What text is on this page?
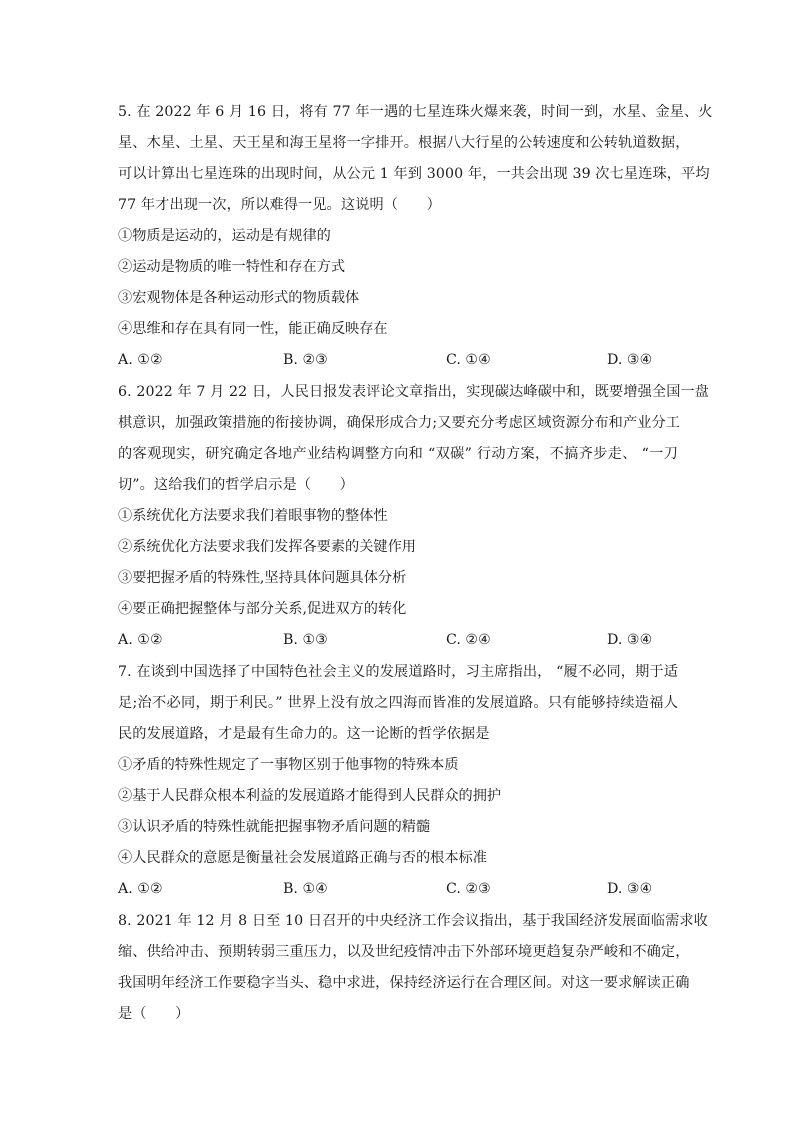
5. 在 2022 年 6 月 16 日，将有 77 年一遇的七星连珠火爆来袭，时间一到，水星、金星、火
星、木星、土星、天王星和海王星将一字排开。根据八大行星的公转速度和公转轨道数据，
可以计算出七星连珠的出现时间，从公元 1 年到 3000 年，一共会出现 39 次七星连珠，平均
77 年才出现一次，所以难得一见。这说明（　　）
①物质是运动的，运动是有规律的
②运动是物质的唯一特性和存在方式
③宏观物体是各种运动形式的物质载体
④思维和存在具有同一性，能正确反映存在
A. ①②	B. ②③	C. ①④	D. ③④
6. 2022 年 7 月 22 日，人民日报发表评论文章指出，实现碳达峰碳中和，既要增强全国一盘
棋意识，加强政策措施的衔接协调，确保形成合力;又要充分考虑区域资源分布和产业分工
的客观现实，研究确定各地产业结构调整方向和 “双碳” 行动方案，不搞齐步走、 “一刀
切”。这给我们的哲学启示是（　　）
①系统优化方法要求我们着眼事物的整体性
②系统优化方法要求我们发挥各要素的关键作用
③要把握矛盾的特殊性,坚持具体问题具体分析
④要正确把握整体与部分关系,促进双方的转化
A. ①②	B. ①③	C. ②④	D. ③④
7. 在谈到中国选择了中国特色社会主义的发展道路时，习主席指出， “履不必同，期于适
足;治不必同，期于利民。” 世界上没有放之四海而皆准的发展道路。只有能够持续造福人
民的发展道路，才是最有生命力的。这一论断的哲学依据是
①矛盾的特殊性规定了一事物区别于他事物的特殊本质
②基于人民群众根本利益的发展道路才能得到人民群众的拥护
③认识矛盾的特殊性就能把握事物矛盾问题的精髓
④人民群众的意愿是衡量社会发展道路正确与否的根本标准
A. ①②	B. ①④	C. ②③	D. ③④
8. 2021 年 12 月 8 日至 10 日召开的中央经济工作会议指出，基于我国经济发展面临需求收
缩、供给冲击、预期转弱三重压力，以及世纪疫情冲击下外部环境更趋复杂严峻和不确定，
我国明年经济工作要稳字当头、稳中求进，保持经济运行在合理区间。对这一要求解读正确
是（　　）
